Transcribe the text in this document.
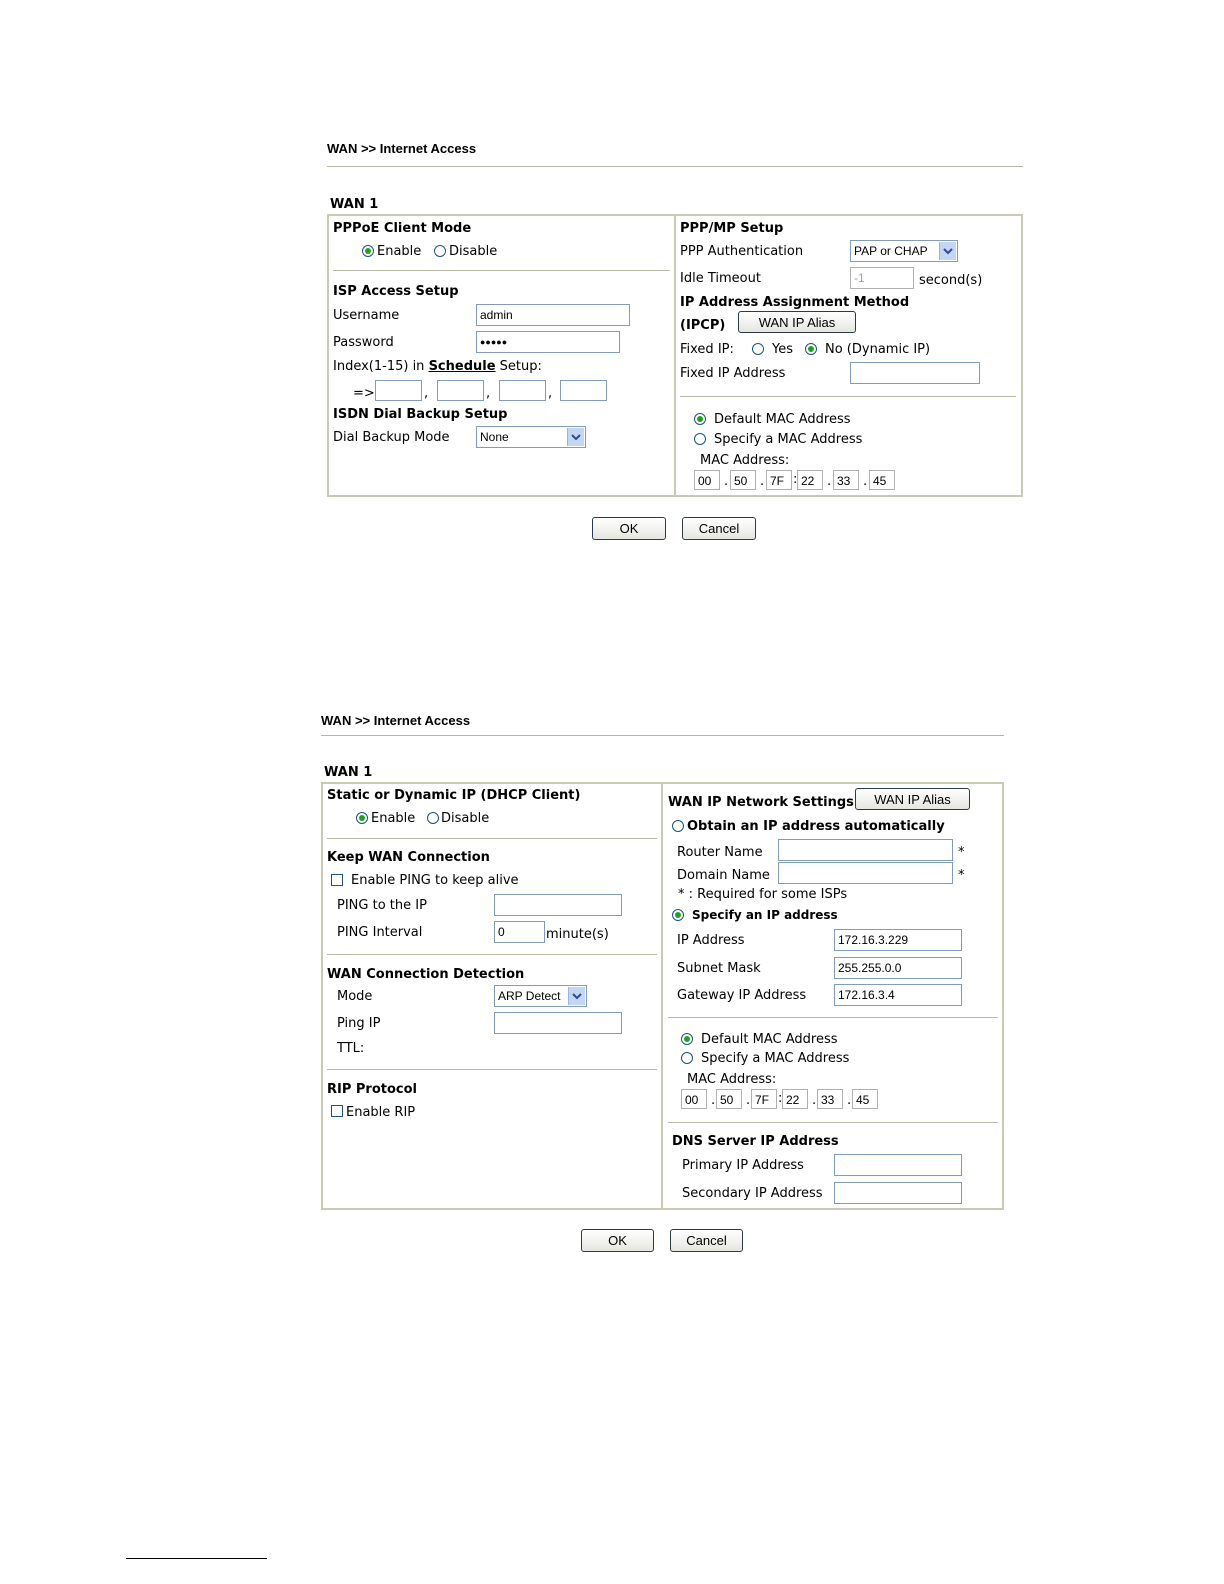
WAN >> Internet Access
WAN 1
PPPoE Client Mode
Enable Disable
ISP Access Setup
Username	admin
Password	●●●●●
Index(1-15) in Schedule Setup:
=>	,	,	,
ISDN Dial Backup Setup
Dial Backup Mode	None
PPP/MP Setup
PPP Authentication	PAP or CHAP
Idle Timeout	-1	second(s)
IP Address Assignment Method
(IPCP)	WAN IP Alias
Fixed IP:	Yes No (Dynamic IP)
Fixed IP Address
Default MAC Address
Specify a MAC Address
MAC Address:
00 . 50 . 7F : 22 . 33 . 45
OK	Cancel
WAN >> Internet Access
WAN 1
Static or Dynamic IP (DHCP Client)
Enable Disable
Keep WAN Connection
Enable PING to keep alive
PING to the IP
PING Interval	0	minute(s)
WAN Connection Detection
Mode	ARP Detect
Ping IP
TTL:
RIP Protocol
Enable RIP
WAN IP Network Settings	WAN IP Alias
Obtain an IP address automatically
Router Name	*
Domain Name	*
* : Required for some ISPs
Specify an IP address
IP Address	172.16.3.229
Subnet Mask	255.255.0.0
Gateway IP Address	172.16.3.4
Default MAC Address
Specify a MAC Address
MAC Address:
00 . 50 . 7F : 22 . 33 . 45
DNS Server IP Address
Primary IP Address
Secondary IP Address
OK	Cancel
